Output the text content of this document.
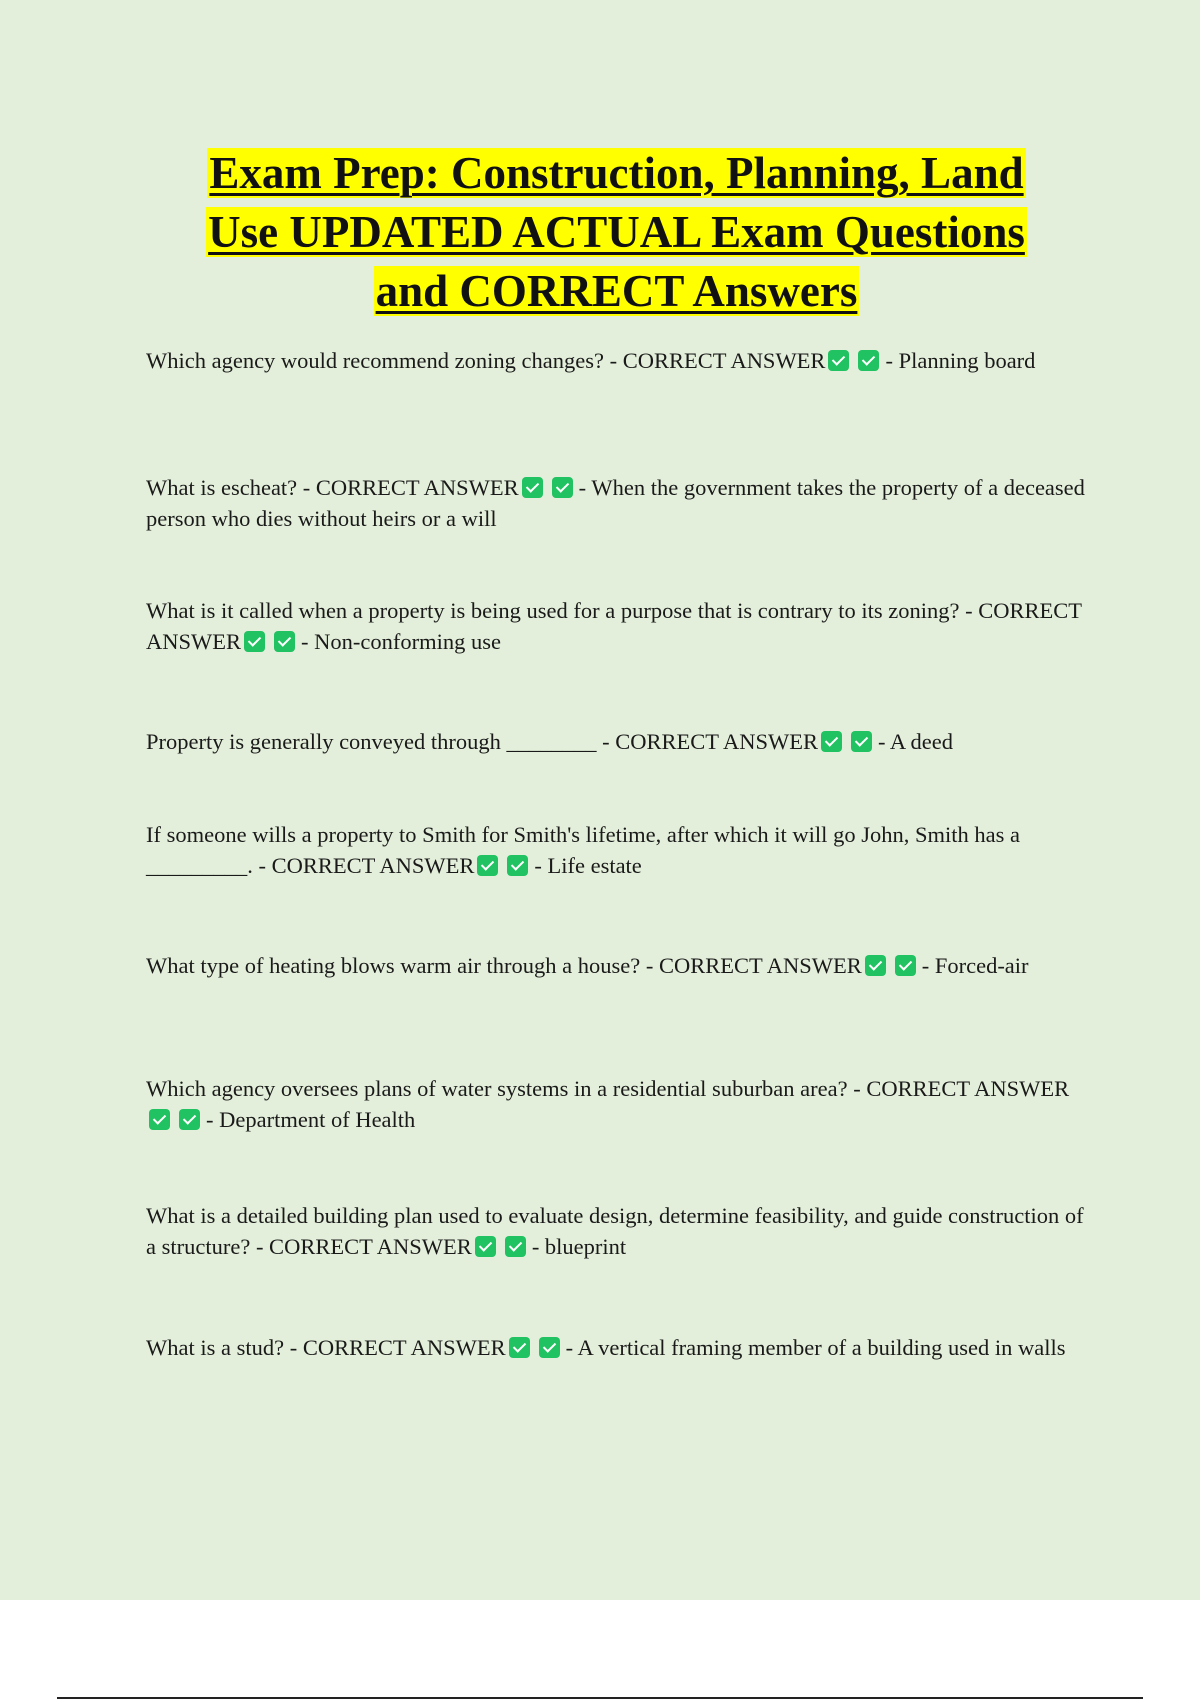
Exam Prep: Construction, Planning, Land
Use UPDATED ACTUAL Exam Questions
and CORRECT Answers
Which agency would recommend zoning changes? - CORRECT ANSWER	- Planning board
What is escheat? - CORRECT ANSWER	- When the government takes the property of a deceased person who dies without heirs or a will
What is it called when a property is being used for a purpose that is contrary to its zoning? - CORRECT ANSWER	- Non-conforming use
Property is generally conveyed through ________ - CORRECT ANSWER	- A deed
If someone wills a property to Smith for Smith's lifetime, after which it will go John, Smith has a _________. - CORRECT ANSWER	- Life estate
What type of heating blows warm air through a house? - CORRECT ANSWER	- Forced-air
Which agency oversees plans of water systems in a residential suburban area? - CORRECT ANSWER- Department of Health
What is a detailed building plan used to evaluate design, determine feasibility, and guide construction of a structure? - CORRECT ANSWER	- blueprint
What is a stud? - CORRECT ANSWER	- A vertical framing member of a building used in walls
